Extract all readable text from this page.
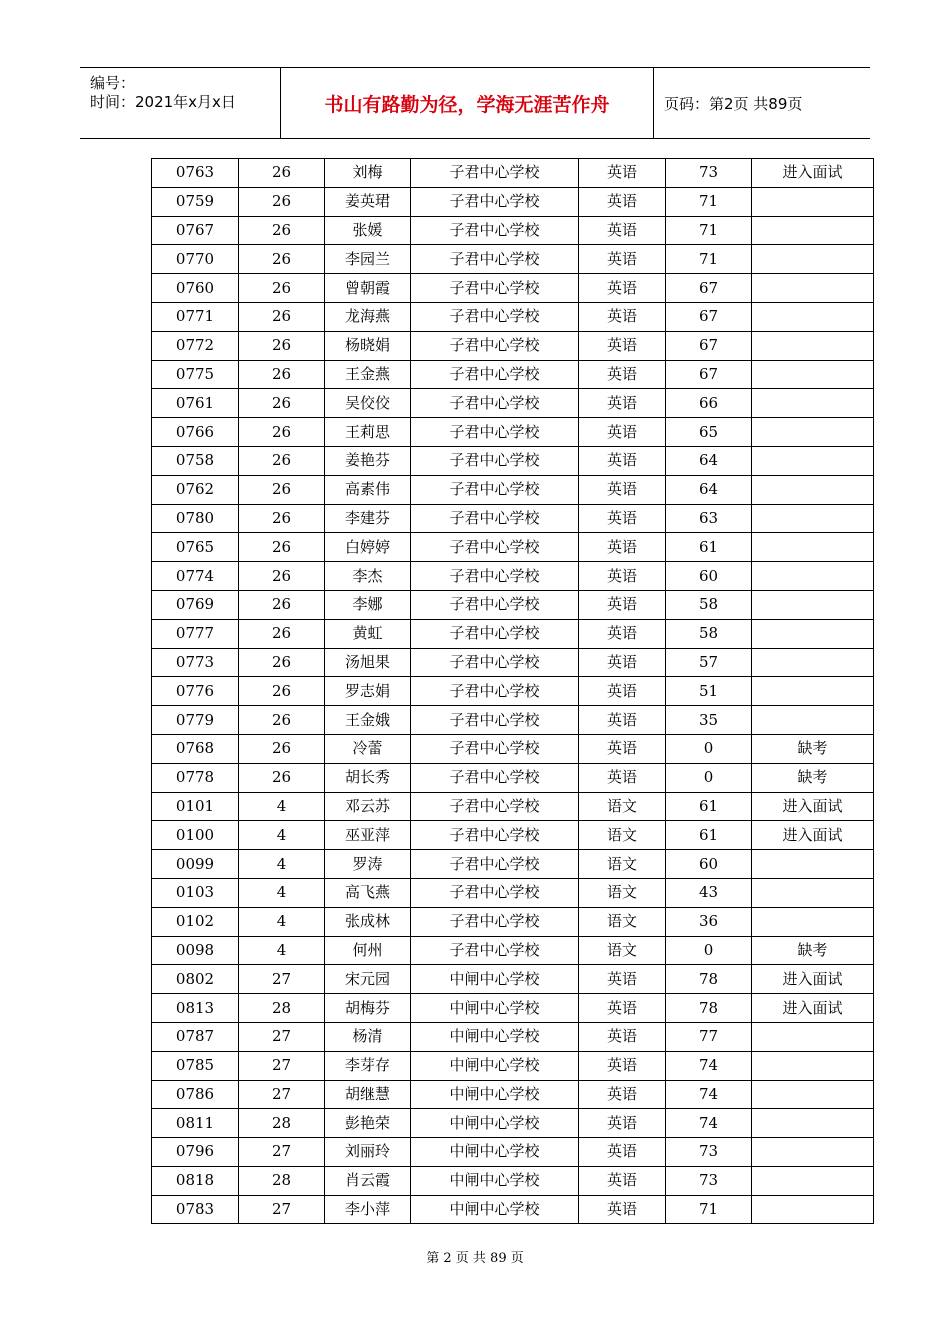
编号：
时间：2021年x月x日	书山有路勤为径，学海无涯苦作舟	页码：第2页 共89页
0763	26	刘梅	子君中心学校	英语	73	进入面试
0759	26	姜英珺	子君中心学校	英语	71	
0767	26	张媛	子君中心学校	英语	71	
0770	26	李园兰	子君中心学校	英语	71	
0760	26	曾朝霞	子君中心学校	英语	67	
0771	26	龙海燕	子君中心学校	英语	67	
0772	26	杨晓娟	子君中心学校	英语	67	
0775	26	王金燕	子君中心学校	英语	67	
0761	26	吴佼佼	子君中心学校	英语	66	
0766	26	王莉思	子君中心学校	英语	65	
0758	26	姜艳芬	子君中心学校	英语	64	
0762	26	高素伟	子君中心学校	英语	64	
0780	26	李建芬	子君中心学校	英语	63	
0765	26	白婷婷	子君中心学校	英语	61	
0774	26	李杰	子君中心学校	英语	60	
0769	26	李娜	子君中心学校	英语	58	
0777	26	黄虹	子君中心学校	英语	58	
0773	26	汤旭果	子君中心学校	英语	57	
0776	26	罗志娟	子君中心学校	英语	51	
0779	26	王金娥	子君中心学校	英语	35	
0768	26	冷蕾	子君中心学校	英语	0	缺考
0778	26	胡长秀	子君中心学校	英语	0	缺考
0101	4	邓云苏	子君中心学校	语文	61	进入面试
0100	4	巫亚萍	子君中心学校	语文	61	进入面试
0099	4	罗涛	子君中心学校	语文	60	
0103	4	高飞燕	子君中心学校	语文	43	
0102	4	张成林	子君中心学校	语文	36	
0098	4	何州	子君中心学校	语文	0	缺考
0802	27	宋元园	中闸中心学校	英语	78	进入面试
0813	28	胡梅芬	中闸中心学校	英语	78	进入面试
0787	27	杨清	中闸中心学校	英语	77	
0785	27	李芽存	中闸中心学校	英语	74	
0786	27	胡继慧	中闸中心学校	英语	74	
0811	28	彭艳荣	中闸中心学校	英语	74	
0796	27	刘丽玲	中闸中心学校	英语	73	
0818	28	肖云霞	中闸中心学校	英语	73	
0783	27	李小萍	中闸中心学校	英语	71	
第 2 页 共 89 页
